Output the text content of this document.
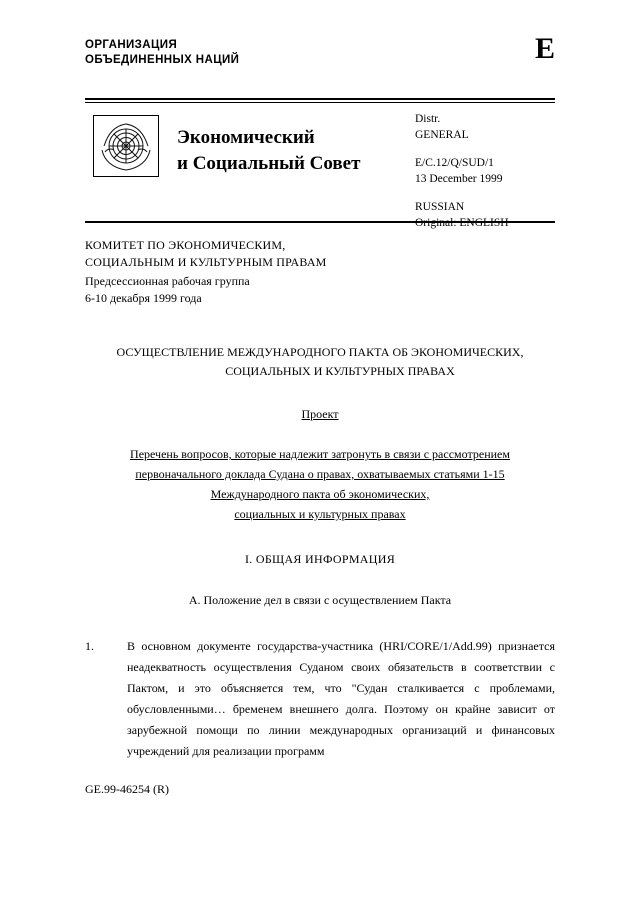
ОРГАНИЗАЦИЯ
ОБЪЕДИНЕННЫХ НАЦИЙ	E
Экономический
и Социальный Совет
Distr.
GENERAL
E/C.12/Q/SUD/1
13 December 1999
RUSSIAN
Original: ENGLISH
КОМИТЕТ ПО ЭКОНОМИЧЕСКИМ,
СОЦИАЛЬНЫМ И КУЛЬТУРНЫМ ПРАВАМ
Предсессионная рабочая группа
6-10 декабря 1999 года
ОСУЩЕСТВЛЕНИЕ МЕЖДУНАРОДНОГО ПАКТА ОБ ЭКОНОМИЧЕСКИХ,
СОЦИАЛЬНЫХ И КУЛЬТУРНЫХ ПРАВАХ
Проект
Перечень вопросов, которые надлежит затронуть в связи с рассмотрением
первоначального доклада Судана о правах, охватываемых статьями 1-15
Международного пакта об экономических,
социальных и культурных правах
I. ОБЩАЯ ИНФОРМАЦИЯ
A. Положение дел в связи с осуществлением Пакта
1.	В основном документе государства-участника (HRI/CORE/1/Add.99) признается неадекватность осуществления Суданом своих обязательств в соответствии с Пактом, и это объясняется тем, что "Судан сталкивается с проблемами, обусловленными… бременем внешнего долга. Поэтому он крайне зависит от зарубежной помощи по линии международных организаций и финансовых учреждений для реализации программ
GE.99-46254 (R)
